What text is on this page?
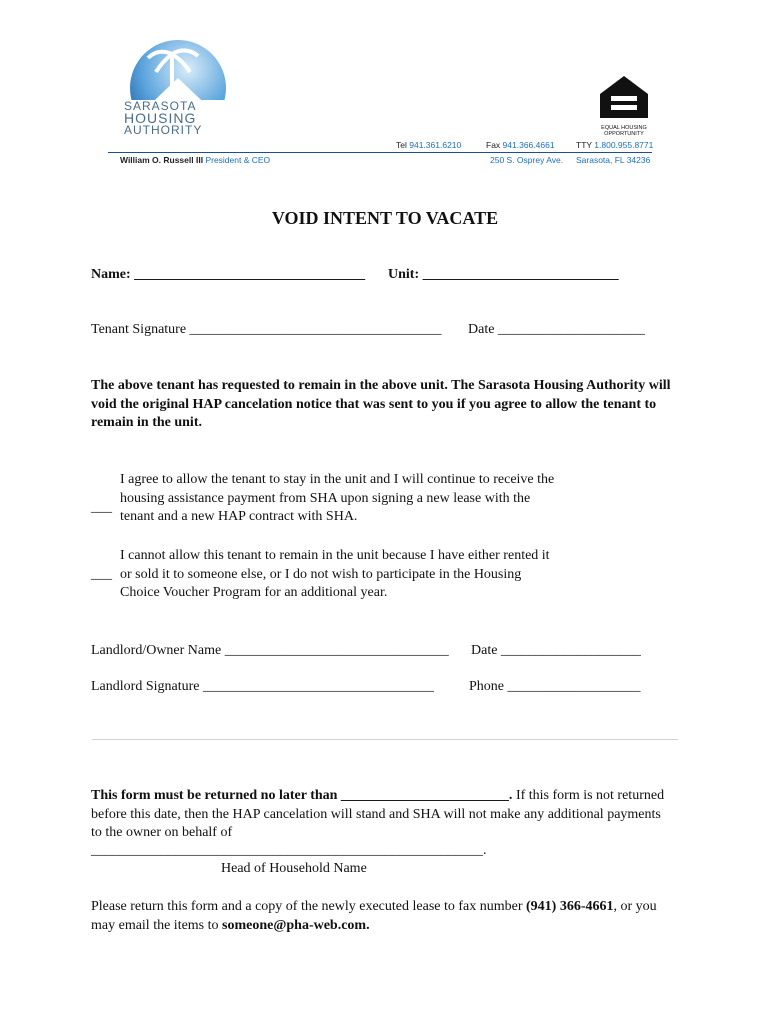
SARASOTA
HOUSING
AUTHORITY	EQUAL HOUSING OPPORTUNITY
Tel 941.361.6210	Fax 941.366.4661	TTY 1.800.955.8771
William O. Russell III President & CEO	250 S. Osprey Ave. Sarasota, FL 34236
VOID INTENT TO VACATE
Name: _________________________________ Unit: ____________________________
Tenant Signature ____________________________________ Date _____________________
The above tenant has requested to remain in the above unit. The Sarasota Housing Authority will void the original HAP cancelation notice that was sent to you if you agree to allow the tenant to remain in the unit.
___
I agree to allow the tenant to stay in the unit and I will continue to receive the housing assistance payment from SHA upon signing a new lease with the tenant and a new HAP contract with SHA.
___
I cannot allow this tenant to remain in the unit because I have either rented it or sold it to someone else, or I do not wish to participate in the Housing Choice Voucher Program for an additional year.
Landlord/Owner Name ________________________________ Date ____________________
Landlord Signature _________________________________	Phone ___________________
This form must be returned no later than ________________________. If this form is not returned before this date, then the HAP cancelation will stand and SHA will not make any additional payments to the owner on behalf of
________________________________________________________.
Head of Household Name
Please return this form and a copy of the newly executed lease to fax number (941) 366-4661, or you may email the items to someone@pha-web.com.
